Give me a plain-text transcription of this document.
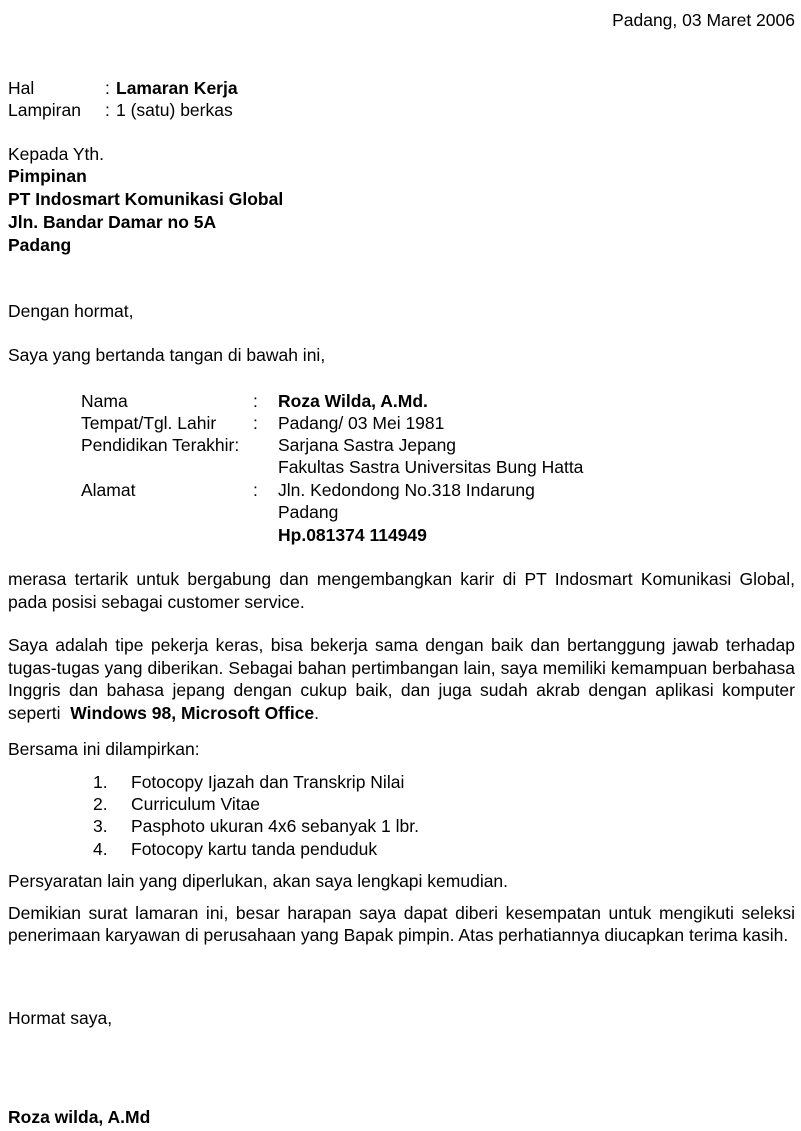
Padang, 03 Maret 2006
Hal	: Lamaran Kerja
Lampiran : 1 (satu) berkas
Kepada Yth.
Pimpinan
PT Indosmart Komunikasi Global
Jln. Bandar Damar no 5A
Padang
Dengan hormat,
Saya yang bertanda tangan di bawah ini,
Nama	: Roza Wilda, A.Md.
Tempat/Tgl. Lahir : Padang/ 03 Mei 1981
Pendidikan Terakhir: Sarjana Sastra Jepang
Fakultas Sastra Universitas Bung Hatta
Alamat	: Jln. Kedondong No.318 Indarung
Padang
Hp.081374 114949
merasa tertarik untuk bergabung dan mengembangkan karir di PT Indosmart Komunikasi Global, pada posisi sebagai customer service.
Saya adalah tipe pekerja keras, bisa bekerja sama dengan baik dan bertanggung jawab terhadap tugas-tugas yang diberikan. Sebagai bahan pertimbangan lain, saya memiliki kemampuan berbahasa Inggris dan bahasa jepang dengan cukup baik, dan juga sudah akrab dengan aplikasi komputer seperti Windows 98, Microsoft Office.
Bersama ini dilampirkan:
1. Fotocopy Ijazah dan Transkrip Nilai
2. Curriculum Vitae
3. Pasphoto ukuran 4x6 sebanyak 1 lbr.
4. Fotocopy kartu tanda penduduk
Persyaratan lain yang diperlukan, akan saya lengkapi kemudian.
Demikian surat lamaran ini, besar harapan saya dapat diberi kesempatan untuk mengikuti seleksi penerimaan karyawan di perusahaan yang Bapak pimpin. Atas perhatiannya diucapkan terima kasih.
Hormat saya,
Roza wilda, A.Md
